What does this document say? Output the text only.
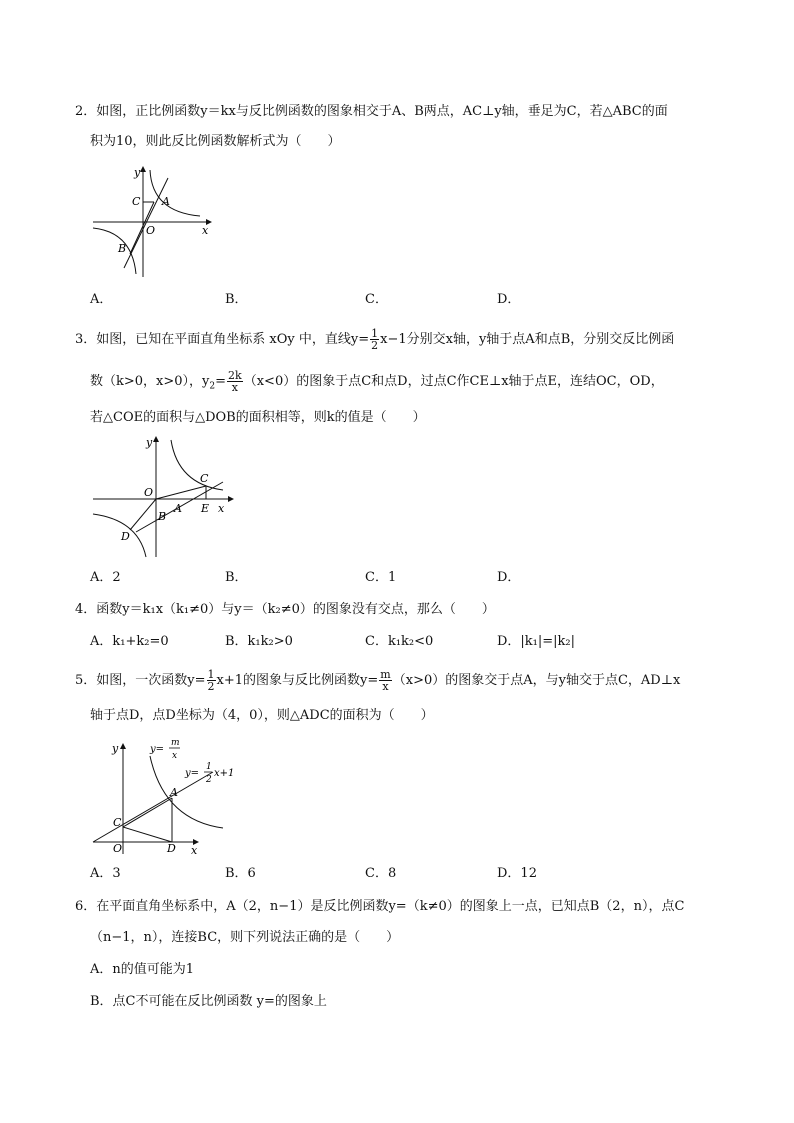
2．如图，正比例函数y＝kx与反比例函数的图象相交于A、B两点，AC⊥y轴，垂足为C，若△ABC的面
积为10，则此反比例函数解析式为（　　）
y
x
C A
O
B
A．	B．	C．	D．
3．如图，已知在平面直角坐标系 xOy 中，直线$y= \frac{1}{2} x-1$分别交x轴，y轴于点A和点B，分别交反比例函
数（k>0，x>0），$y_2= \frac{2k}{x} (x<0)$的图象于点C和点D，过点C作CE⊥x轴于点E，连结OC，OD，
若△COE的面积与△DOB的面积相等，则k的值是（　　）
y
x
O
A
B
C
D
E
A．2	B．	C．1	D．
4．函数y＝k₁x（k₁≠0）与y＝（k₂≠0）的图象没有交点，那么（　　）
A．k₁+k₂=0	B．k₁k₂>0	C．k₁k₂<0	D．|k₁|=|k₂|
5．如图，一次函数$y= \frac{1}{2} x+1$的图象与反比例函数$y= \frac{m}{x} (x>0)$的图象交于点A，与y轴交于点C，AD⊥x
轴于点D，点D坐标为（4，0），则△ADC的面积为（　　）
y
x
O
C
D
A
y=
m
x
y=
1
2
x+1
A．3	B．6	C．8	D．12
6．在平面直角坐标系中，A（2，n−1）是反比例函数y=（k≠0）的图象上一点，已知点B（2，n），点C
（n−1，n），连接BC，则下列说法正确的是（　　）
A．n的值可能为1
B．点C不可能在反比例函数 y=的图象上
